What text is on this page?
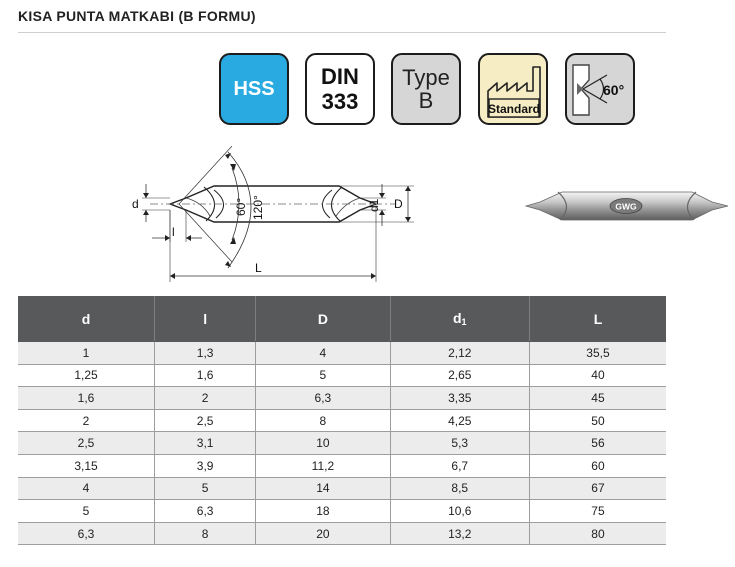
KISA PUNTA MATKABI (B FORMU)
HSS DIN
333
Type
B	Standard
60°
d
l
60° 120°	d1 D
L
GWG
d	l	D	$d_1$	L
1	1,3	4	2,12	35,5
1,25	1,6	5	2,65	40
1,6	2	6,3	3,35	45
2	2,5	8	4,25	50
2,5	3,1	10	5,3	56
3,15	3,9	11,2	6,7	60
4	5	14	8,5	67
5	6,3	18	10,6	75
6,3	8	20	13,2	80
